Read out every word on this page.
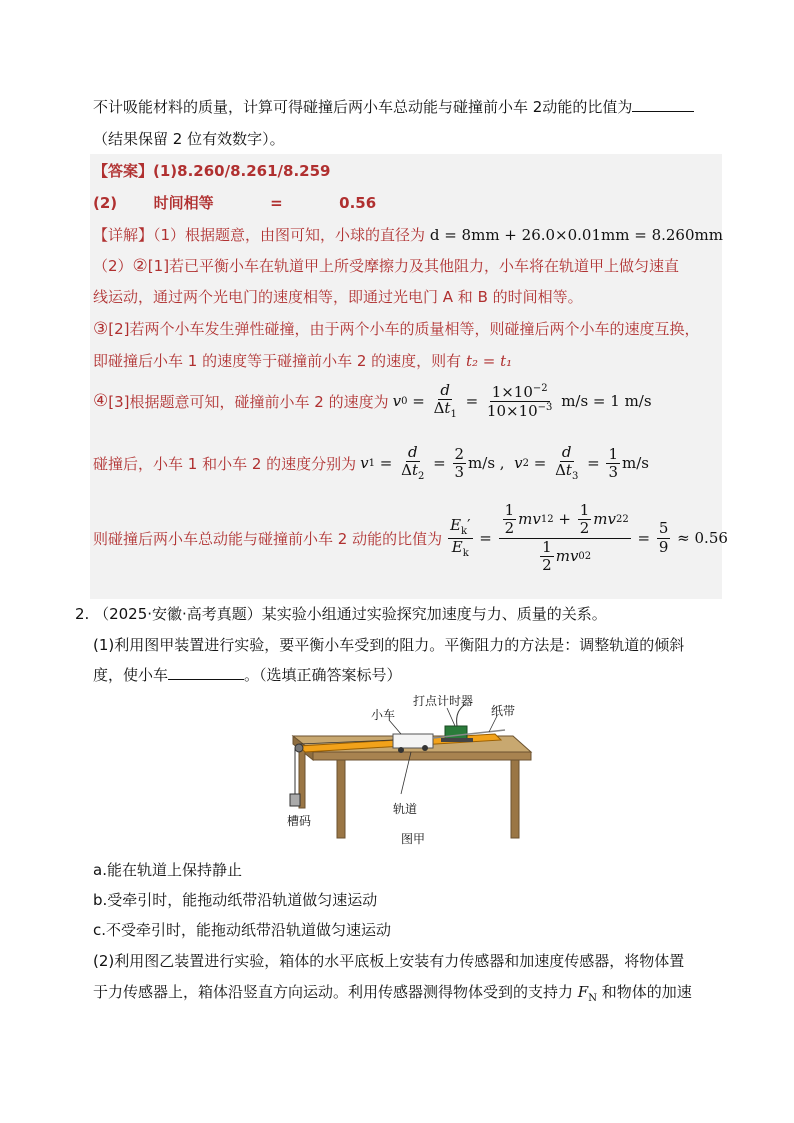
不计吸能材料的质量，计算可得碰撞后两小车总动能与碰撞前小车 2动能的比值为
（结果保留 2 位有效数字）。
【答案】(1)8.260/8.261/8.259
(2) 时间相等	=	0.56
【详解】（1）根据题意，由图可知，小球的直径为 d = 8mm + 26.0×0.01mm = 8.260mm
（2）②[1]若已平衡小车在轨道甲上所受摩擦力及其他阻力，小车将在轨道甲上做匀速直
线运动，通过两个光电门的速度相等，即通过光电门 A 和 B 的时间相等。
③[2]若两个小车发生弹性碰撞，由于两个小车的质量相等，则碰撞后两个小车的速度互换，
即碰撞后小车 1 的速度等于碰撞前小车 2 的速度，则有 t₂ = t₁
④ [3]根据题意可知，碰撞前小车 2 的速度为 v $0 = \frac{d}{\Delta t_1} = \frac{1\times 10^{-2}}{10\times 10^{-3}} m/s = 1$ m/s
碰撞后，小车 1 和小车 2 的速度分别为 v $1 = \frac{d}{\Delta t_2} = \frac{2}{3} m/s$ , v $2 = \frac{d}{\Delta t_3} = \frac{1}{3} m/s$
则碰撞后两小车总动能与碰撞前小车 2 动能的比值为 $\frac{E_k'}{E_k} = \frac{\frac{1}{2} mv 1 2 + \frac{1}{2} mv 2 2}{\frac{1}{2} mv 0 2} = \frac{5}{9}$
≈ 0.56
2. （2025·安徽·高考真题）某实验小组通过实验探究加速度与力、质量的关系。
(1)利用图甲装置进行实验，要平衡小车受到的阻力。平衡阻力的方法是：调整轨道的倾斜
度，使小车	。（选填正确答案标号）
打点计时器
小车	纸带
槽码
轨道
图甲
a.能在轨道上保持静止
b.受牵引时，能拖动纸带沿轨道做匀速运动
c.不受牵引时，能拖动纸带沿轨道做匀速运动
(2)利用图乙装置进行实验，箱体的水平底板上安装有力传感器和加速度传感器，将物体置
于力传感器上，箱体沿竖直方向运动。利用传感器测得物体受到的支持力 $F_N$ 和物体的加速
